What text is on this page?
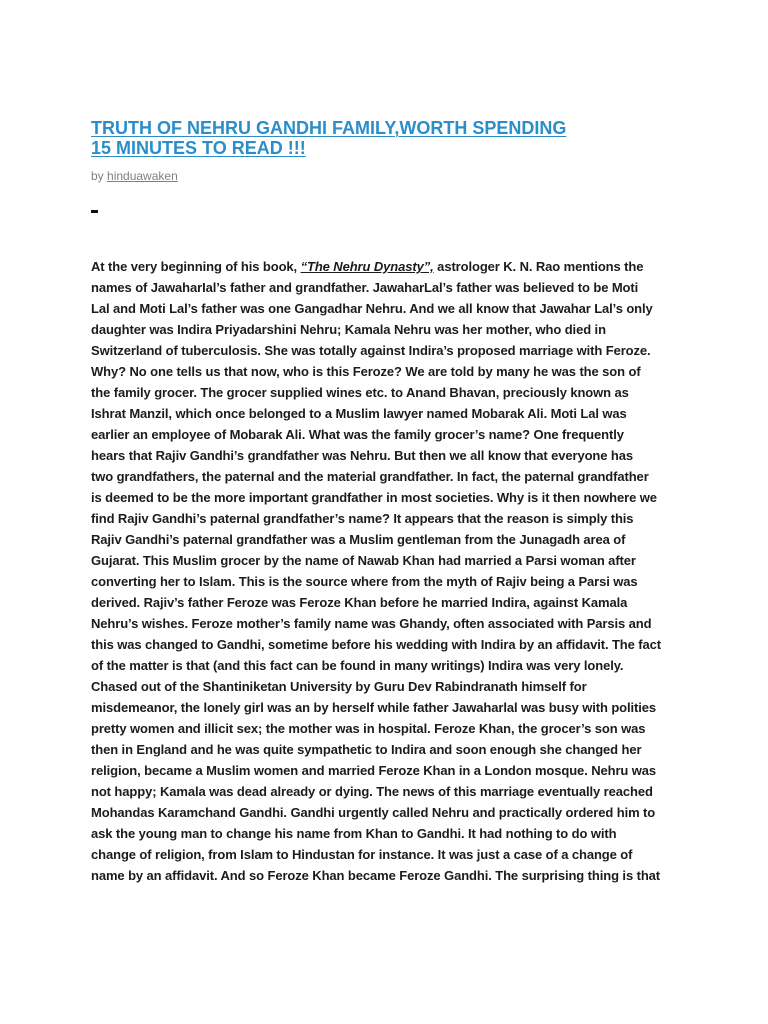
TRUTH OF NEHRU GANDHI FAMILY,WORTH SPENDING
15 MINUTES TO READ !!!
by hinduawaken

At the very beginning of his book, “The Nehru Dynasty”, astrologer K. N. Rao mentions the
names of JawaharIal’s father and grandfather. JawaharLal’s father was believed to be Moti
Lal and Moti Lal’s father was one Gangadhar Nehru. And we all know that Jawahar Lal’s only
daughter was Indira Priyadarshini Nehru; Kamala Nehru was her mother, who died in
Switzerland of tuberculosis. She was totally against Indira’s proposed marriage with Feroze.
Why? No one tells us that now, who is this Feroze? We are told by many he was the son of
the family grocer. The grocer supplied wines etc. to Anand Bhavan, preciously known as
Ishrat Manzil, which once belonged to a Muslim lawyer named Mobarak Ali. Moti Lal was
earlier an employee of Mobarak Ali. What was the family grocer’s name? One frequently
hears that Rajiv Gandhi’s grandfather was Nehru. But then we all know that everyone has
two grandfathers, the paternal and the material grandfather. In fact, the paternal grandfather
is deemed to be the more important grandfather in most societies. Why is it then nowhere we
find Rajiv Gandhi’s paternal grandfather’s name? It appears that the reason is simply this
Rajiv Gandhi’s paternal grandfather was a Muslim gentleman from the Junagadh area of
Gujarat. This Muslim grocer by the name of Nawab Khan had married a Parsi woman after
converting her to Islam. This is the source where from the myth of Rajiv being a Parsi was
derived. Rajiv’s father Feroze was Feroze Khan before he married Indira, against Kamala
Nehru’s wishes. Feroze mother’s family name was Ghandy, often associated with Parsis and
this was changed to Gandhi, sometime before his wedding with Indira by an affidavit. The fact
of the matter is that (and this fact can be found in many writings) Indira was very lonely.
Chased out of the Shantiniketan University by Guru Dev Rabindranath himself for
misdemeanor, the lonely girl was an by herself while father Jawaharlal was busy with polities
pretty women and illicit sex; the mother was in hospital. Feroze Khan, the grocer’s son was
then in England and he was quite sympathetic to Indira and soon enough she changed her
religion, became a Muslim women and married Feroze Khan in a London mosque. Nehru was
not happy; Kamala was dead already or dying. The news of this marriage eventually reached
Mohandas Karamchand Gandhi. Gandhi urgently called Nehru and practically ordered him to
ask the young man to change his name from Khan to Gandhi. It had nothing to do with
change of religion, from Islam to Hindustan for instance. It was just a case of a change of
name by an affidavit. And so Feroze Khan became Feroze Gandhi. The surprising thing is that
